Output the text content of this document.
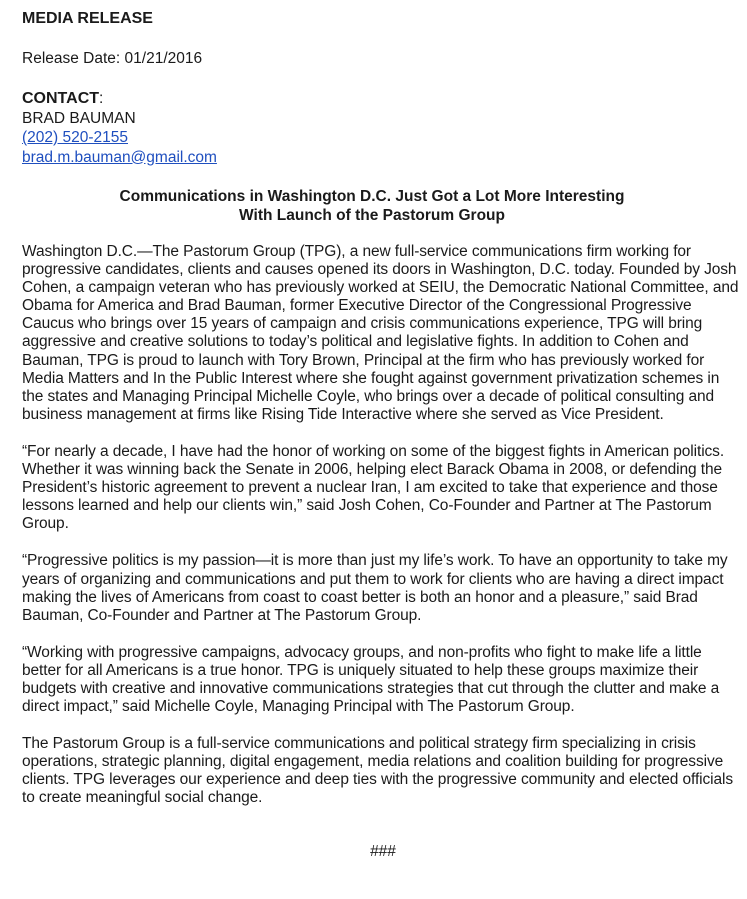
MEDIA RELEASE
Release Date: 01/21/2016
CONTACT:
BRAD BAUMAN
(202) 520-2155
brad.m.bauman@gmail.com
Communications in Washington D.C. Just Got a Lot More Interesting
With Launch of the Pastorum Group

Washington D.C.—The Pastorum Group (TPG), a new full-service communications firm working for progressive candidates, clients and causes opened its doors in Washington, D.C. today. Founded by Josh Cohen, a campaign veteran who has previously worked at SEIU, the Democratic National Committee, and Obama for America and Brad Bauman, former Executive Director of the Congressional Progressive Caucus who brings over 15 years of campaign and crisis communications experience, TPG will bring aggressive and creative solutions to today’s political and legislative fights. In addition to Cohen and Bauman, TPG is proud to launch with Tory Brown, Principal at the firm who has previously worked for Media Matters and In the Public Interest where she fought against government privatization schemes in the states and Managing Principal Michelle Coyle, who brings over a decade of political consulting and business management at firms like Rising Tide Interactive where she served as Vice President.

“For nearly a decade, I have had the honor of working on some of the biggest fights in American politics. Whether it was winning back the Senate in 2006, helping elect Barack Obama in 2008, or defending the President’s historic agreement to prevent a nuclear Iran, I am excited to take that experience and those lessons learned and help our clients win,” said Josh Cohen, Co-Founder and Partner at The Pastorum Group.

“Progressive politics is my passion—it is more than just my life’s work. To have an opportunity to take my years of organizing and communications and put them to work for clients who are having a direct impact making the lives of Americans from coast to coast better is both an honor and a pleasure,” said Brad Bauman, Co-Founder and Partner at The Pastorum Group.

“Working with progressive campaigns, advocacy groups, and non-profits who fight to make life a little better for all Americans is a true honor. TPG is uniquely situated to help these groups maximize their budgets with creative and innovative communications strategies that cut through the clutter and make a direct impact,” said Michelle Coyle, Managing Principal with The Pastorum Group.

The Pastorum Group is a full-service communications and political strategy firm specializing in crisis operations, strategic planning, digital engagement, media relations and coalition building for progressive clients. TPG leverages our experience and deep ties with the progressive community and elected officials to create meaningful social change.

###
